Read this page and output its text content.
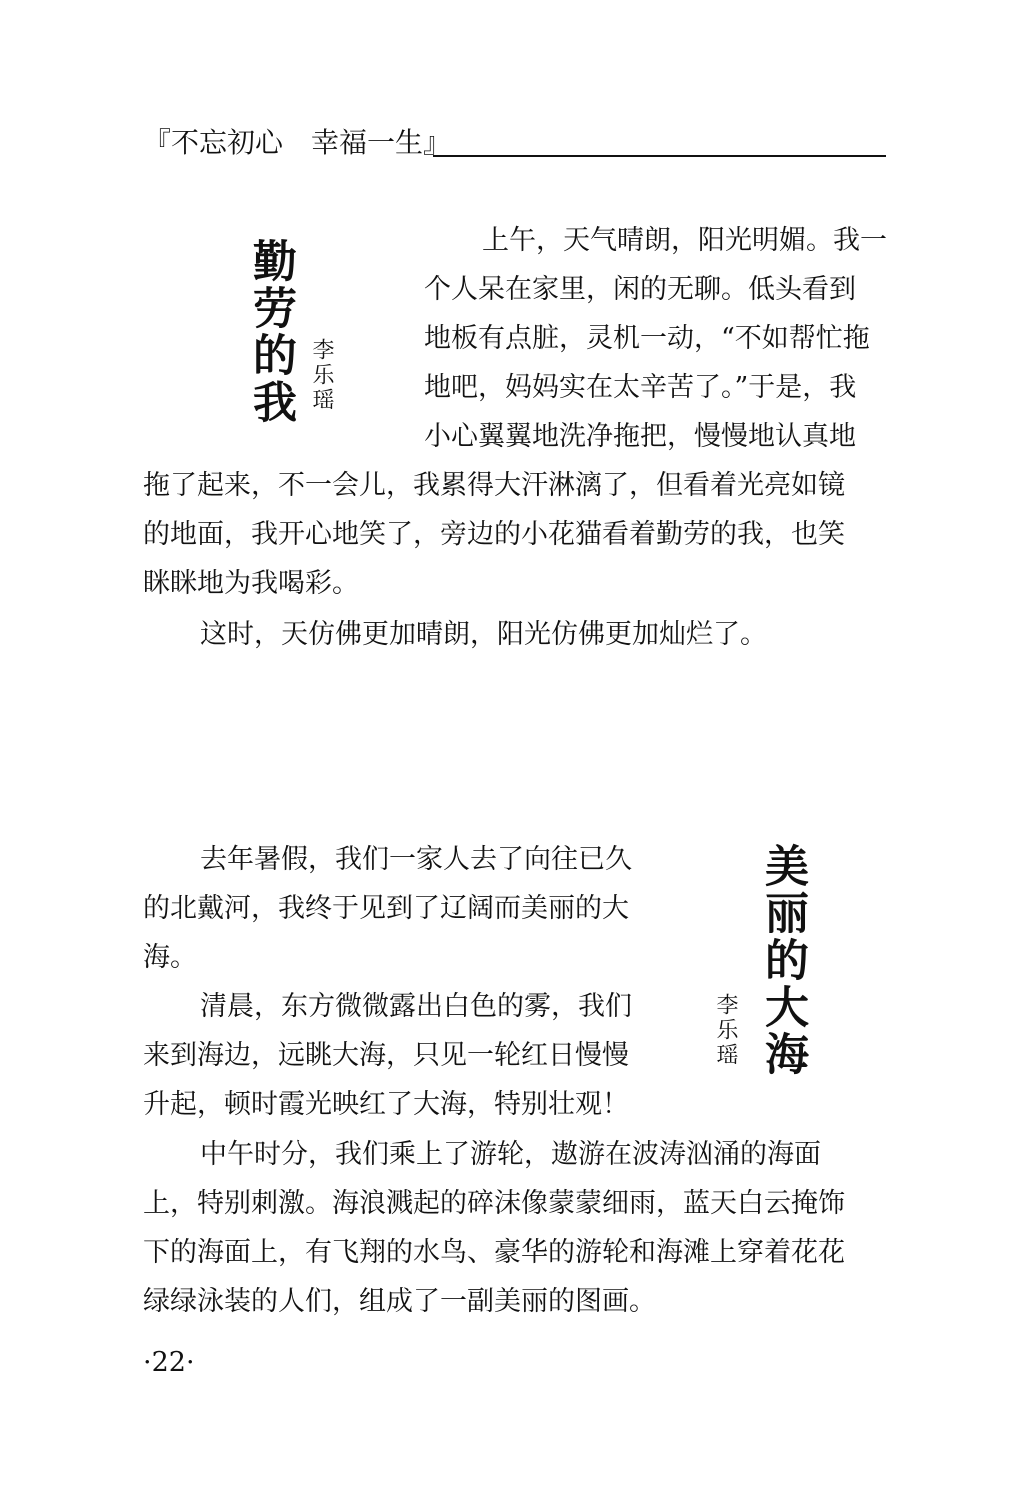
『不忘初心　幸福一生』
勤劳的我 李乐瑶
上午，天气晴朗，阳光明媚。我一
个人呆在家里，闲的无聊。低头看到
地板有点脏，灵机一动，“不如帮忙拖
地吧，妈妈实在太辛苦了。”于是，我
小心翼翼地洗净拖把，慢慢地认真地
拖了起来，不一会儿，我累得大汗淋漓了，但看着光亮如镜
的地面，我开心地笑了，旁边的小花猫看着勤劳的我，也笑
眯眯地为我喝彩。
这时，天仿佛更加晴朗，阳光仿佛更加灿烂了。
美丽的大海
李乐瑶
去年暑假，我们一家人去了向往已久
的北戴河，我终于见到了辽阔而美丽的大
海。
清晨，东方微微露出白色的雾，我们
来到海边，远眺大海，只见一轮红日慢慢
升起，顿时霞光映红了大海，特别壮观！
中午时分，我们乘上了游轮，遨游在波涛汹涌的海面
上，特别刺激。海浪溅起的碎沫像蒙蒙细雨，蓝天白云掩饰
下的海面上，有飞翔的水鸟、豪华的游轮和海滩上穿着花花
绿绿泳装的人们，组成了一副美丽的图画。
·22·
